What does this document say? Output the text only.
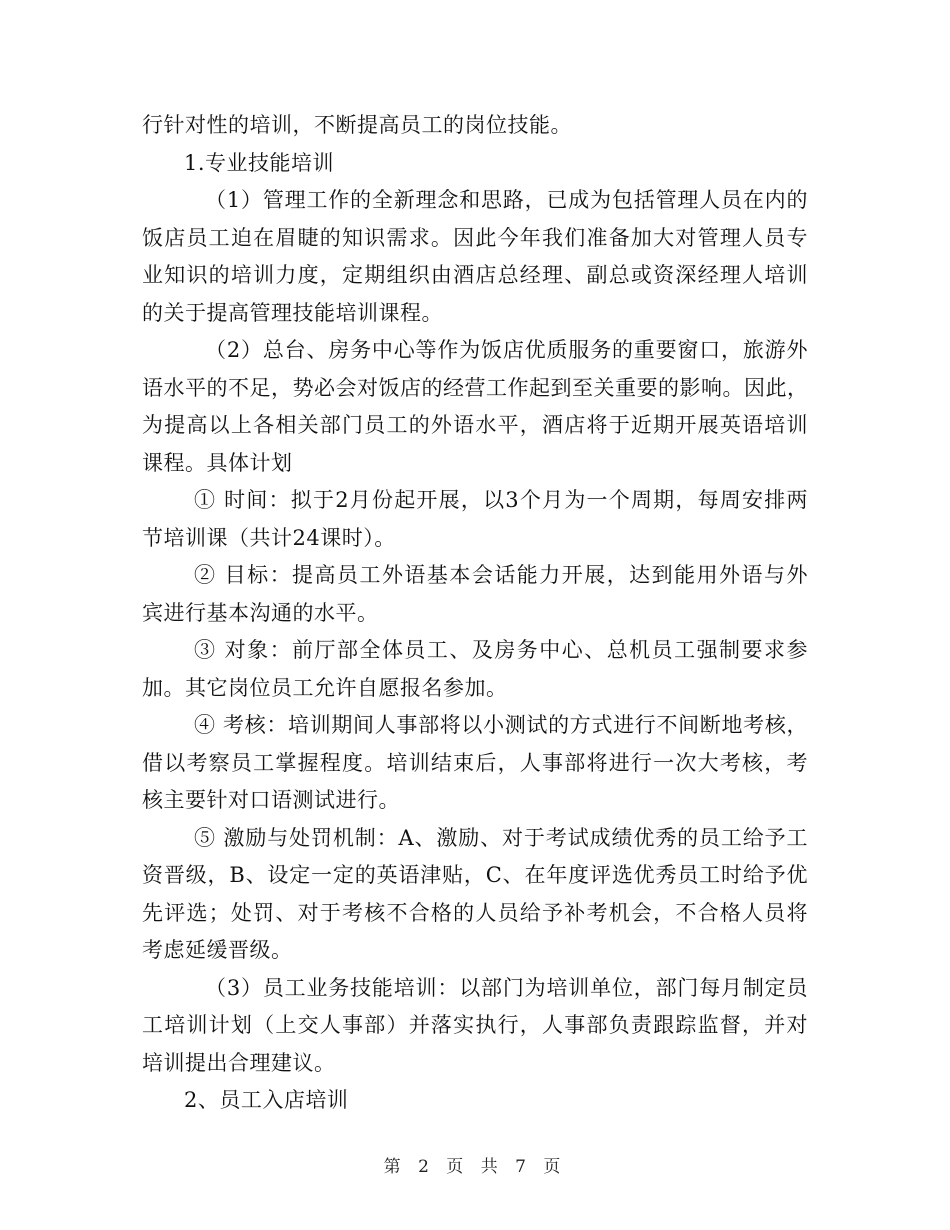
行针对性的培训，不断提高员工的岗位技能。
1.专业技能培训
（1）管理工作的全新理念和思路，已成为包括管理人员在内的
饭店员工迫在眉睫的知识需求。因此今年我们准备加大对管理人员专
业知识的培训力度，定期组织由酒店总经理、副总或资深经理人培训
的关于提高管理技能培训课程。
（2）总台、房务中心等作为饭店优质服务的重要窗口，旅游外
语水平的不足，势必会对饭店的经营工作起到至关重要的影响。因此，
为提高以上各相关部门员工的外语水平，酒店将于近期开展英语培训
课程。具体计划
① 时间：拟于2月份起开展，以3个月为一个周期，每周安排两
节培训课（共计24课时）。
② 目标：提高员工外语基本会话能力开展，达到能用外语与外
宾进行基本沟通的水平。
③ 对象：前厅部全体员工、及房务中心、总机员工强制要求参
加。其它岗位员工允许自愿报名参加。
④ 考核：培训期间人事部将以小测试的方式进行不间断地考核，
借以考察员工掌握程度。培训结束后，人事部将进行一次大考核，考
核主要针对口语测试进行。
⑤ 激励与处罚机制：A、激励、对于考试成绩优秀的员工给予工
资晋级，B、设定一定的英语津贴，C、在年度评选优秀员工时给予优
先评选；处罚、对于考核不合格的人员给予补考机会，不合格人员将
考虑延缓晋级。
（3）员工业务技能培训：以部门为培训单位，部门每月制定员
工培训计划（上交人事部）并落实执行，人事部负责跟踪监督，并对
培训提出合理建议。
2、员工入店培训
第 2 页 共 7 页
